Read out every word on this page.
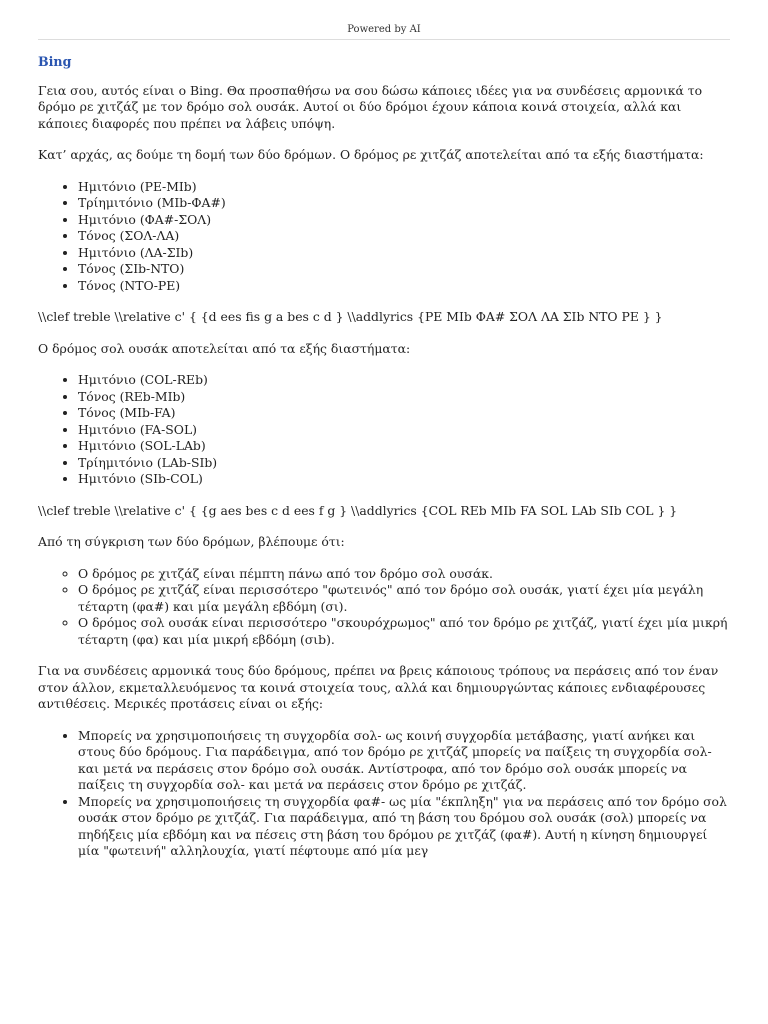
Powered by AI
Bing

Γεια σου, αυτός είναι ο Bing. Θα προσπαθήσω να σου δώσω κάποιες ιδέες για να συνδέσεις αρμονικά το δρόμο ρε χιτζάζ με τον δρόμο σολ ουσάκ. Αυτοί οι δύο δρόμοι έχουν κάποια κοινά στοιχεία, αλλά και κάποιες διαφορές που πρέπει να λάβεις υπόψη.

Κατ’ αρχάς, ας δούμε τη δομή των δύο δρόμων. Ο δρόμος ρε χιτζάζ αποτελείται από τα εξής διαστήματα:

• Ημιτόνιο (ΡΕ-ΜΙb)
• Τρίημιτόνιο (ΜΙb-ΦΑ#)
• Ημιτόνιο (ΦΑ#-ΣΟΛ)
• Τόνος (ΣΟΛ-ΛΑ)
• Ημιτόνιο (ΛΑ-ΣΙb)
• Τόνος (ΣΙb-ΝΤΟ)
• Τόνος (ΝΤΟ-ΡΕ)

\\clef treble \\relative c' { {d ees fis g a bes c d } \\addlyrics {ΡΕ ΜΙb ΦΑ# ΣΟΛ ΛΑ ΣΙb ΝΤΟ ΡΕ } }

Ο δρόμος σολ ουσάκ αποτελείται από τα εξής διαστήματα:

• Ημιτόνιο (COL-REb)
• Τόνος (REb-MIb)
• Τόνος (MIb-FA)
• Ημιτόνιο (FA-SOL)
• Ημιτόνιο (SOL-LAb)
• Τρίημιτόνιο (LAb-SIb)
• Ημιτόνιο (SIb-COL)

\\clef treble \\relative c' { {g aes bes c d ees f g } \\addlyrics {COL REb MIb FA SOL LAb SIb COL } }

Από τη σύγκριση των δύο δρόμων, βλέπουμε ότι:

◦ Ο δρόμος ρε χιτζάζ είναι πέμπτη πάνω από τον δρόμο σολ ουσάκ.
◦ Ο δρόμος ρε χιτζάζ είναι περισσότερο "φωτεινός" από τον δρόμο σολ ουσάκ, γιατί έχει μία μεγάλη τέταρτη (φα#) και μία μεγάλη εβδόμη (σι).
◦ Ο δρόμος σολ ουσάκ είναι περισσότερο "σκουρόχρωμος" από τον δρόμο ρε χιτζάζ, γιατί έχει μία μικρή τέταρτη (φα) και μία μικρή εβδόμη (σιb).

Για να συνδέσεις αρμονικά τους δύο δρόμους, πρέπει να βρεις κάποιους τρόπους να περάσεις από τον έναν στον άλλον, εκμεταλλευόμενος τα κοινά στοιχεία τους, αλλά και δημιουργώντας κάποιες ενδιαφέρουσες αντιθέσεις. Μερικές προτάσεις είναι οι εξής:

• Μπορείς να χρησιμοποιήσεις τη συγχορδία σολ- ως κοινή συγχορδία μετάβασης, γιατί ανήκει και στους δύο δρόμους. Για παράδειγμα, από τον δρόμο ρε χιτζάζ μπορείς να παίξεις τη συγχορδία σολ- και μετά να περάσεις στον δρόμο σολ ουσάκ. Αντίστροφα, από τον δρόμο σολ ουσάκ μπορείς να παίξεις τη συγχορδία σολ- και μετά να περάσεις στον δρόμο ρε χιτζάζ.
• Μπορείς να χρησιμοποιήσεις τη συγχορδία φα#- ως μία "έκπληξη" για να περάσεις από τον δρόμο σολ ουσάκ στον δρόμο ρε χιτζάζ. Για παράδειγμα, από τη βάση του δρόμου σολ ουσάκ (σολ) μπορείς να πηδήξεις μία εβδόμη και να πέσεις στη βάση του δρόμου ρε χιτζάζ (φα#). Αυτή η κίνηση δημιουργεί μία "φωτεινή" αλληλουχία, γιατί πέφτουμε από μία μεγ
